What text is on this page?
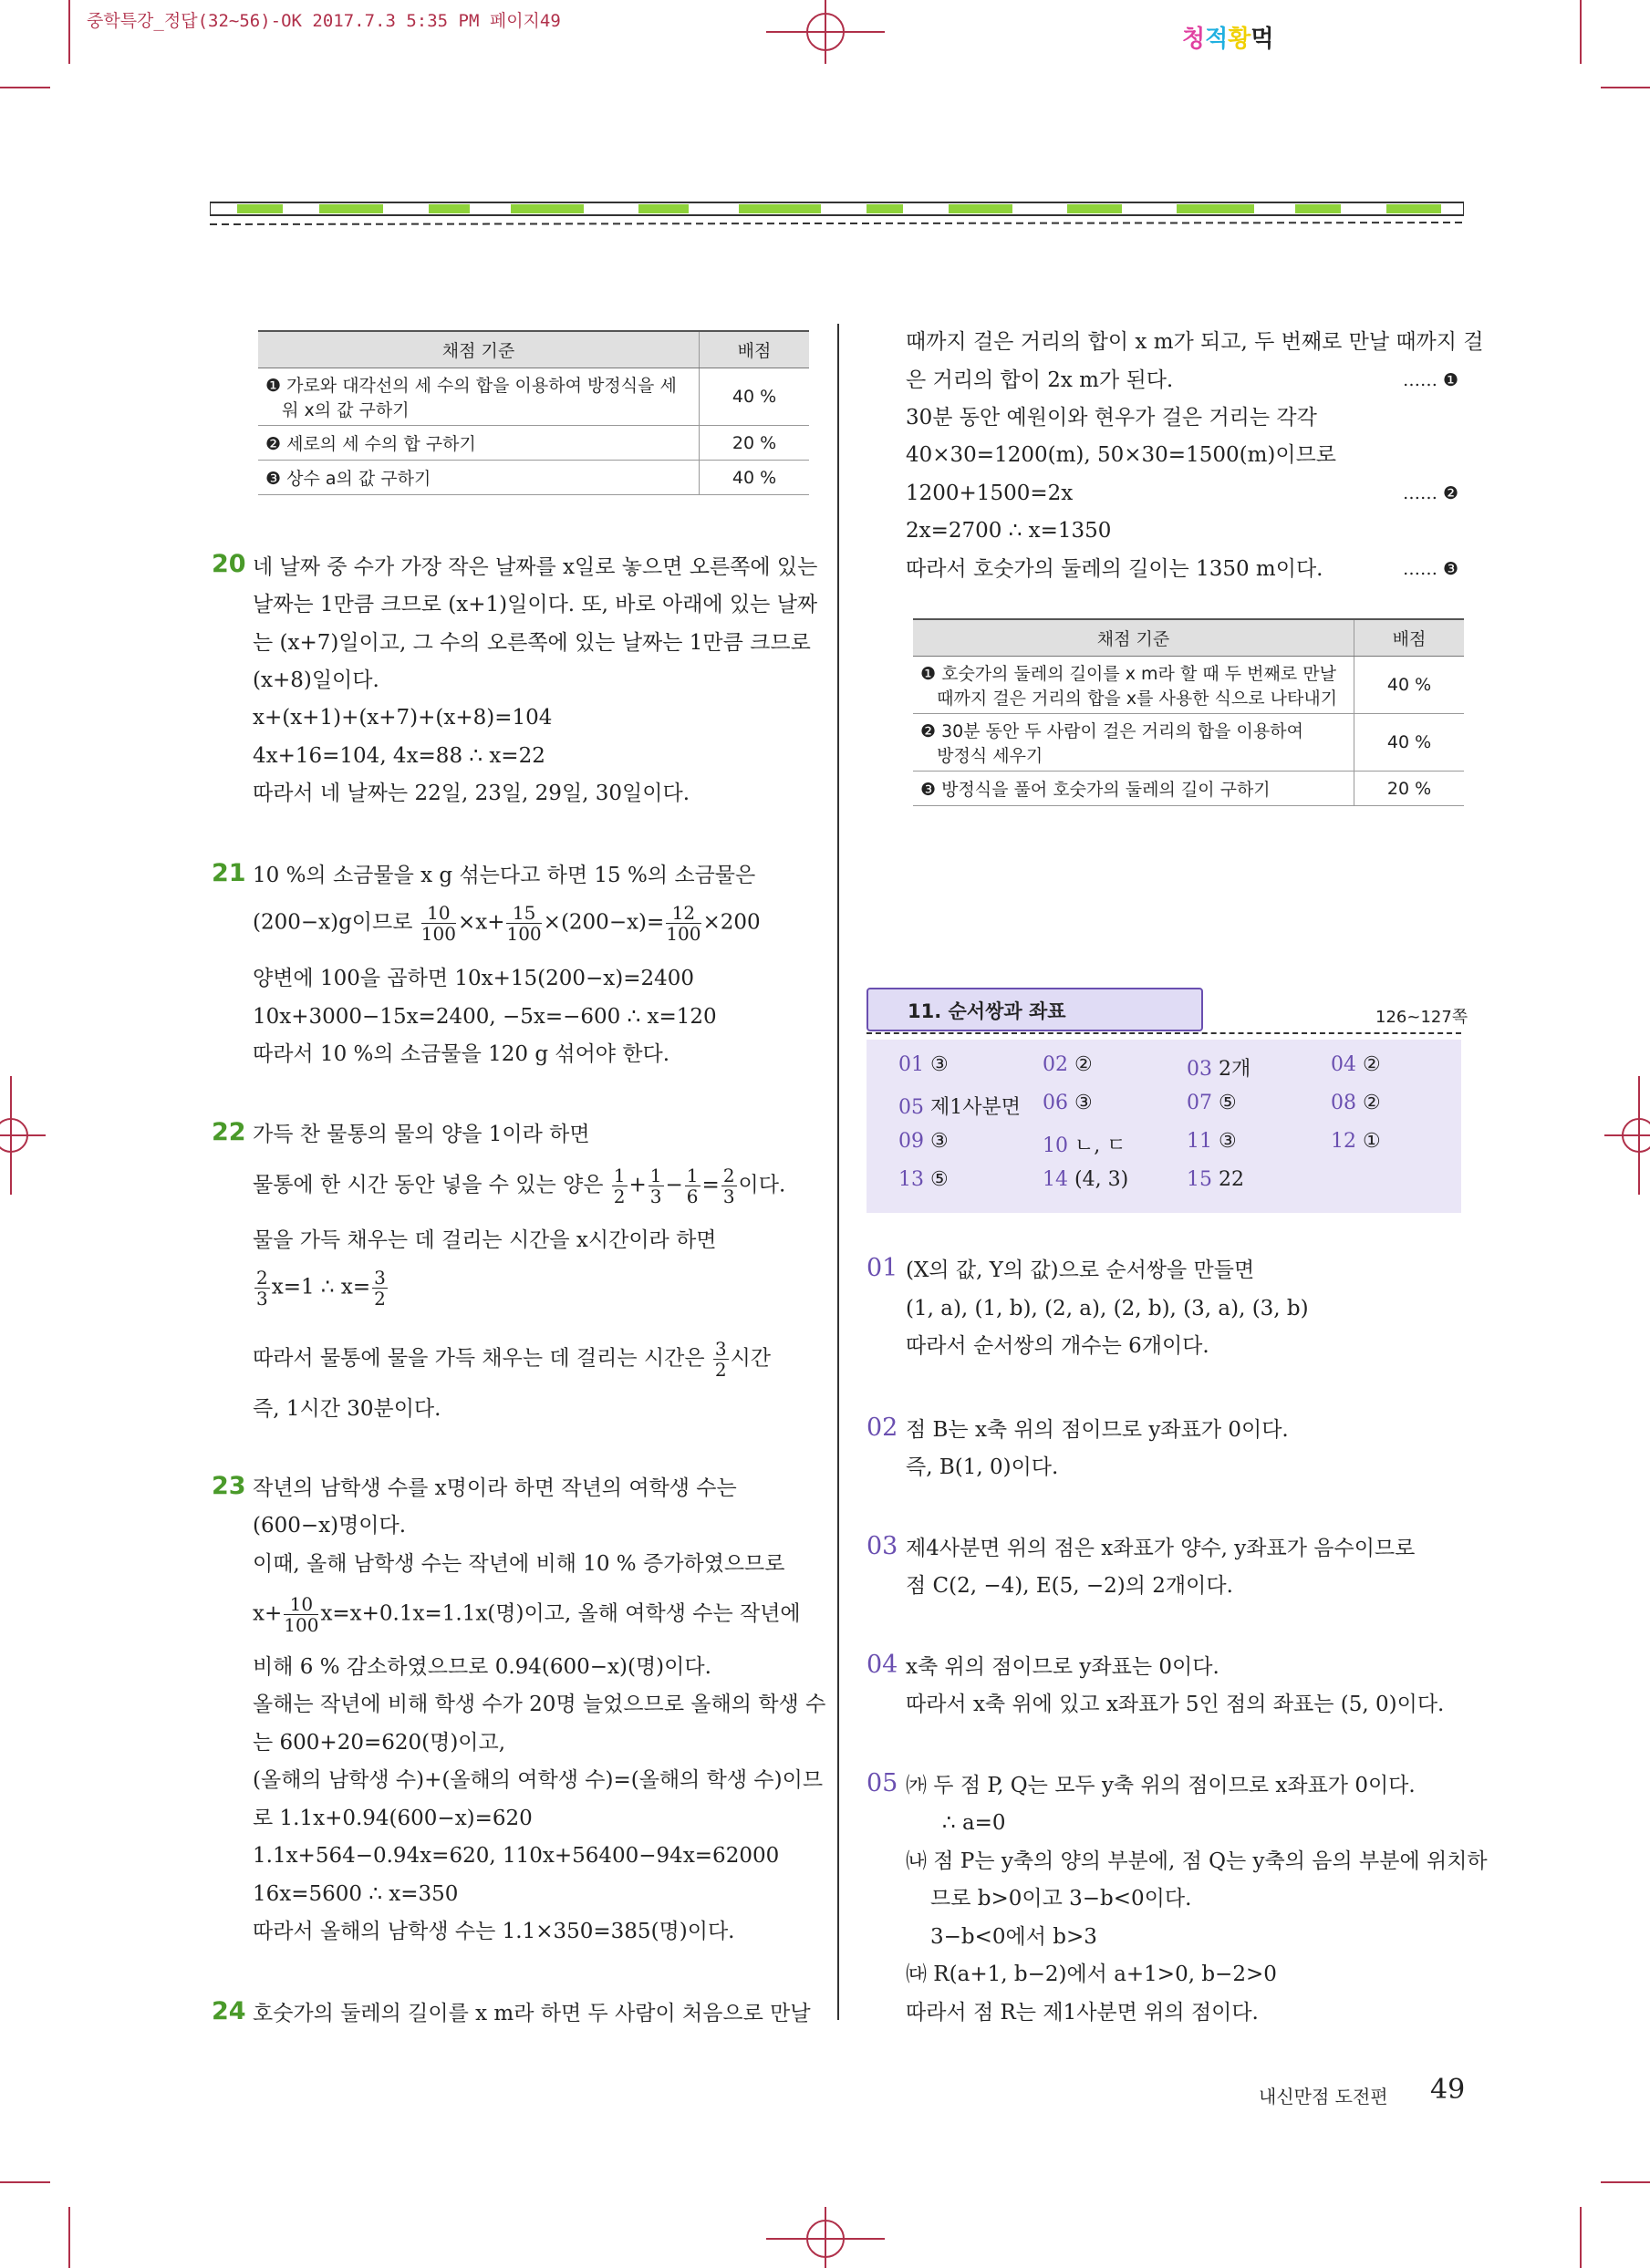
중학특강_정답(32~56)-OK 2017.7.3 5:35 PM 페이지49
청적황먹
채점 기준	배점
❶ 가로와 대각선의 세 수의 합을 이용하여 방정식을 세
워 x의 값 구하기	40 %
❷ 세로의 세 수의 합 구하기	20 %
❸ 상수 a의 값 구하기	40 %
20 네 날짜 중 수가 가장 작은 날짜를 x일로 놓으면 오른쪽에 있는
날짜는 1만큼 크므로 (x+1)일이다. 또, 바로 아래에 있는 날짜
는 (x+7)일이고, 그 수의 오른쪽에 있는 날짜는 1만큼 크므로
(x+8)일이다.
x+(x+1)+(x+7)+(x+8)=104
4x+16=104, 4x=88 ∴ x=22
따라서 네 날짜는 22일, 23일, 29일, 30일이다.
21 10 %의 소금물을 x g 섞는다고 하면 15 %의 소금물은
(200−x)g이므로 $\frac{10}{100} \times x+ \frac{15}{100} \times(200-x)= \frac{12}{100} \times 200$
양변에 100을 곱하면 10x+15(200−x)=2400
10x+3000−15x=2400, −5x=−600 ∴ x=120
따라서 10 %의 소금물을 120 g 섞어야 한다.
22 가득 찬 물통의 물의 양을 1이라 하면
물통에 한 시간 동안 넣을 수 있는 양은 $\frac{1}{2} + \frac{1}{3} - \frac{1}{6} = \frac{2}{3}$ 이다.
물을 가득 채우는 데 걸리는 시간을 x시간이라 하면
$\frac{2}{3} x=1$ ∴ $x= \frac{3}{2}$
따라서 물통에 물을 가득 채우는 데 걸리는 시간은 $\frac{3}{2}$ 시간
즉, 1시간 30분이다.
23 작년의 남학생 수를 x명이라 하면 작년의 여학생 수는
(600−x)명이다.
이때, 올해 남학생 수는 작년에 비해 10 % 증가하였으므로
$x+ \frac{10}{100} x=x+0.1x=1.1x$(명)이고, 올해 여학생 수는 작년에
비해 6 % 감소하였으므로 0.94(600−x)(명)이다.
올해는 작년에 비해 학생 수가 20명 늘었으므로 올해의 학생 수
는 600+20=620(명)이고,
(올해의 남학생 수)+(올해의 여학생 수)=(올해의 학생 수)이므
로 1.1x+0.94(600−x)=620
1.1x+564−0.94x=620, 110x+56400−94x=62000
16x=5600 ∴ x=350
따라서 올해의 남학생 수는 1.1×350=385(명)이다.
24 호숫가의 둘레의 길이를 x m라 하면 두 사람이 처음으로 만날
때까지 걸은 거리의 합이 x m가 되고, 두 번째로 만날 때까지 걸
은 거리의 합이 2x m가 된다.	…… ❶
30분 동안 예원이와 현우가 걸은 거리는 각각
40×30=1200(m), 50×30=1500(m)이므로
1200+1500=2x	…… ❷
2x=2700 ∴ x=1350
따라서 호숫가의 둘레의 길이는 1350 m이다.	…… ❸
채점 기준	배점
❶ 호숫가의 둘레의 길이를 x m라 할 때 두 번째로 만날
때까지 걸은 거리의 합을 x를 사용한 식으로 나타내기	40 %
❷ 30분 동안 두 사람이 걸은 거리의 합을 이용하여
방정식 세우기	40 %
❸ 방정식을 풀어 호숫가의 둘레의 길이 구하기	20 %
11. 순서쌍과 좌표	126~127쪽
01 ③	02 ②	03 2개	04 ②
05 제1사분면 06 ③	07 ⑤	08 ②
09 ③	10 ㄴ, ㄷ	11 ③	12 ①
13 ⑤	14 (4, 3)	15 22
01 (X의 값, Y의 값)으로 순서쌍을 만들면
(1, a), (1, b), (2, a), (2, b), (3, a), (3, b)
따라서 순서쌍의 개수는 6개이다.
02 점 B는 x축 위의 점이므로 y좌표가 0이다.
즉, B(1, 0)이다.
03 제4사분면 위의 점은 x좌표가 양수, y좌표가 음수이므로
점 C(2, −4), E(5, −2)의 2개이다.
04 x축 위의 점이므로 y좌표는 0이다.
따라서 x축 위에 있고 x좌표가 5인 점의 좌표는 (5, 0)이다.
05 ㈎ 두 점 P, Q는 모두 y축 위의 점이므로 x좌표가 0이다.
∴ a=0
㈏ 점 P는 y축의 양의 부분에, 점 Q는 y축의 음의 부분에 위치하
므로 b>0이고 3−b<0이다.
3−b<0에서 b>3
㈐ R(a+1, b−2)에서 a+1>0, b−2>0
따라서 점 R는 제1사분면 위의 점이다.
내신만점 도전편 49
